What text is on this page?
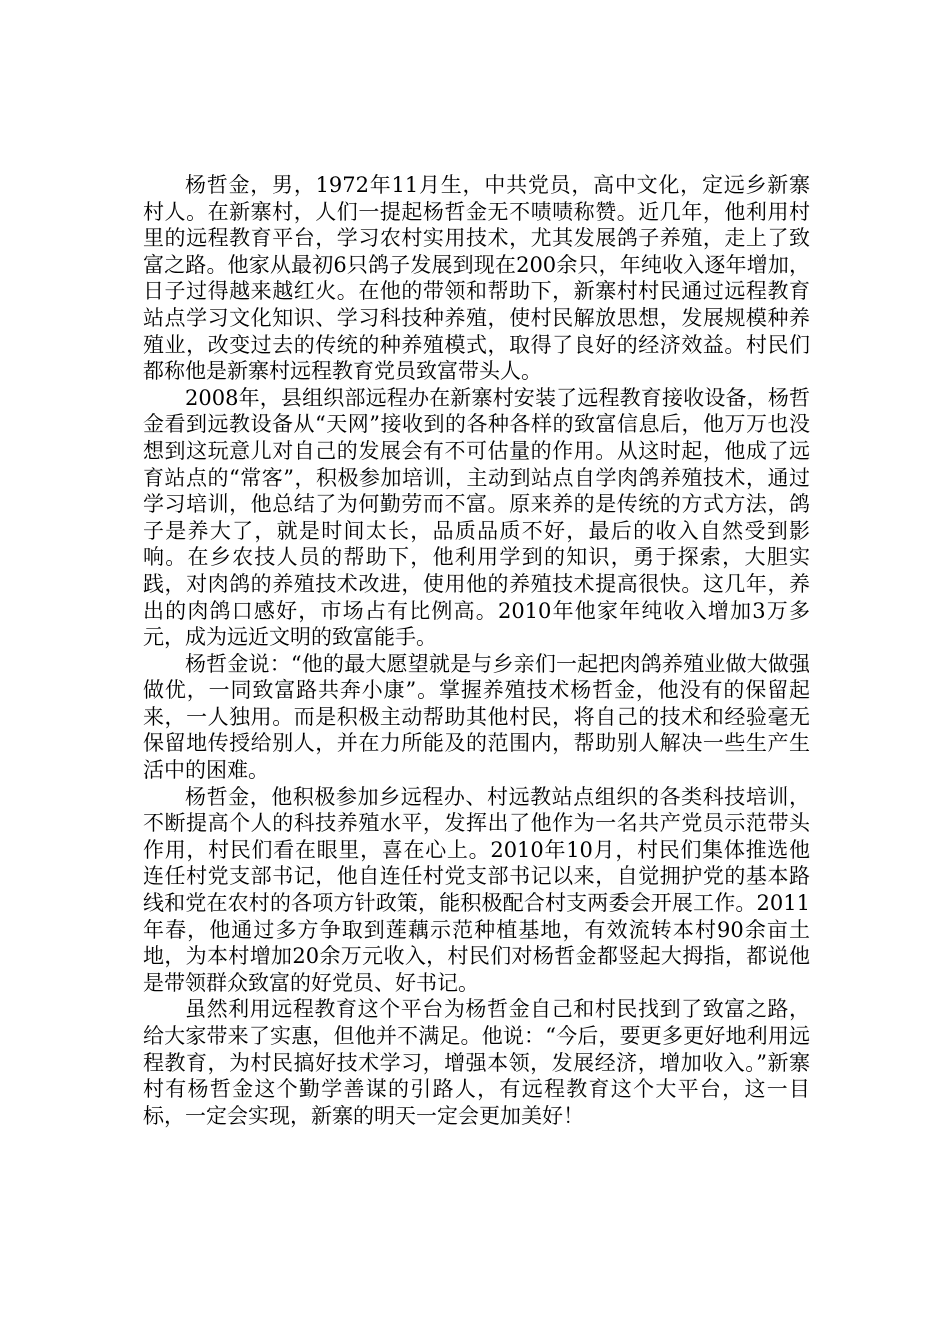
杨哲金，男，1972年11月生，中共党员，高中文化，定远乡新寨村人。在新寨村，人们一提起杨哲金无不啧啧称赞。近几年，他利用村里的远程教育平台，学习农村实用技术，尤其发展鸽子养殖，走上了致富之路。他家从最初6只鸽子发展到现在200余只，年纯收入逐年增加，日子过得越来越红火。在他的带领和帮助下，新寨村村民通过远程教育站点学习文化知识、学习科技种养殖，使村民解放思想，发展规模种养殖业，改变过去的传统的种养殖模式，取得了良好的经济效益。村民们都称他是新寨村远程教育党员致富带头人。

2008年，县组织部远程办在新寨村安装了远程教育接收设备，杨哲金看到远教设备从“天网”接收到的各种各样的致富信息后，他万万也没想到这玩意儿对自己的发展会有不可估量的作用。从这时起，他成了远育站点的“常客”，积极参加培训，主动到站点自学肉鸽养殖技术，通过学习培训，他总结了为何勤劳而不富。原来养的是传统的方式方法，鸽子是养大了，就是时间太长，品质品质不好，最后的收入自然受到影响。在乡农技人员的帮助下，他利用学到的知识，勇于探索，大胆实践，对肉鸽的养殖技术改进，使用他的养殖技术提高很快。这几年，养出的肉鸽口感好，市场占有比例高。2010年他家年纯收入增加3万多元，成为远近文明的致富能手。

杨哲金说：“他的最大愿望就是与乡亲们一起把肉鸽养殖业做大做强做优，一同致富路共奔小康”。掌握养殖技术杨哲金，他没有的保留起来，一人独用。而是积极主动帮助其他村民，将自己的技术和经验毫无保留地传授给别人，并在力所能及的范围内，帮助别人解决一些生产生活中的困难。

杨哲金，他积极参加乡远程办、村远教站点组织的各类科技培训，不断提高个人的科技养殖水平，发挥出了他作为一名共产党员示范带头作用，村民们看在眼里，喜在心上。2010年10月，村民们集体推选他连任村党支部书记，他自连任村党支部书记以来，自觉拥护党的基本路线和党在农村的各项方针政策，能积极配合村支两委会开展工作。2011年春，他通过多方争取到莲藕示范种植基地，有效流转本村90余亩土地，为本村增加20余万元收入，村民们对杨哲金都竖起大拇指，都说他是带领群众致富的好党员、好书记。

虽然利用远程教育这个平台为杨哲金自己和村民找到了致富之路，给大家带来了实惠，但他并不满足。他说：“今后，要更多更好地利用远程教育，为村民搞好技术学习，增强本领，发展经济，增加收入。”新寨村有杨哲金这个勤学善谋的引路人，有远程教育这个大平台，这一目标，一定会实现，新寨的明天一定会更加美好！
